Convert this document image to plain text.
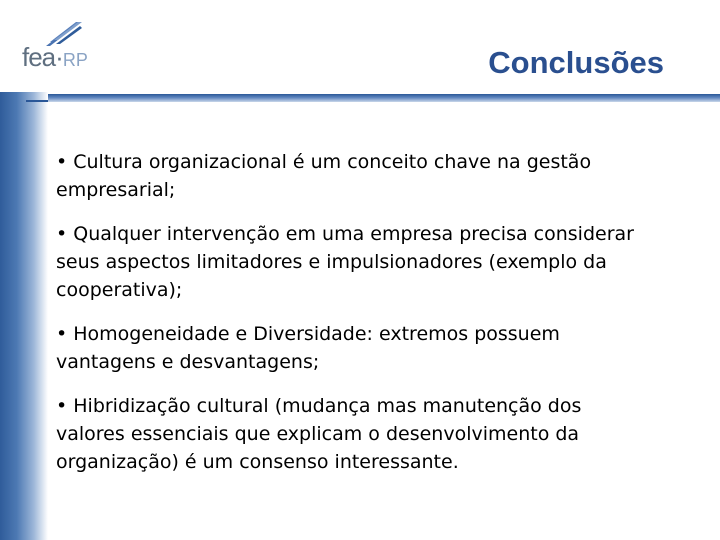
fea·RP	Conclusões

• Cultura organizacional é um conceito chave na gestão empresarial;

• Qualquer intervenção em uma empresa precisa considerar seus aspectos limitadores e impulsionadores (exemplo da cooperativa);

• Homogeneidade e Diversidade: extremos possuem vantagens e desvantagens;

• Hibridização cultural (mudança mas manutenção dos valores essenciais que explicam o desenvolvimento da organização) é um consenso interessante.
